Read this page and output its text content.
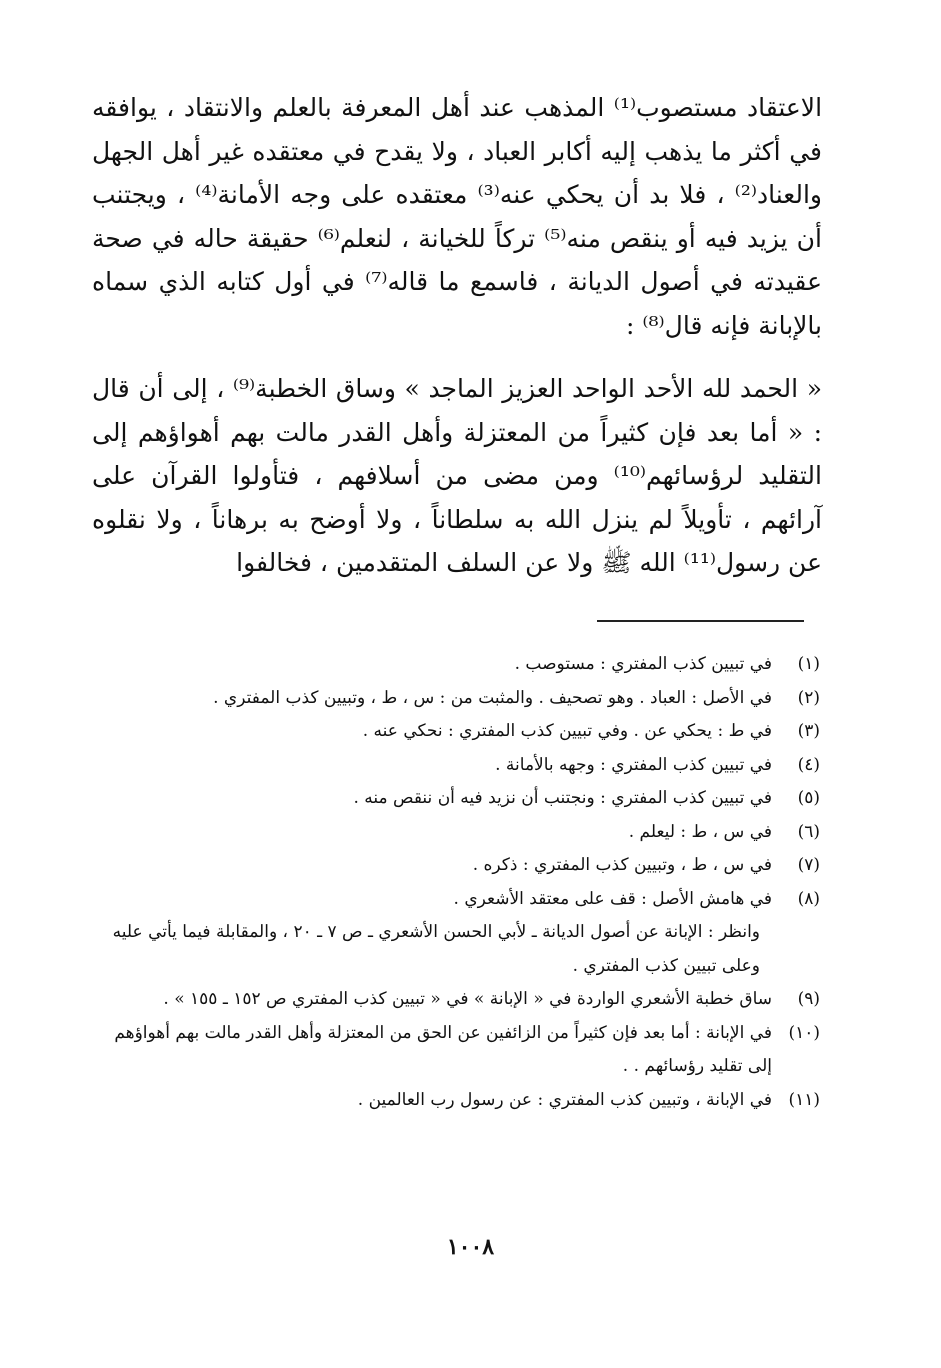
الاعتقاد مستصوب⁽¹⁾ المذهب عند أهل المعرفة بالعلم والانتقاد ، يوافقه في أكثر ما يذهب إليه أكابر العباد ، ولا يقدح في معتقده غير أهل الجهل والعناد⁽²⁾ ، فلا بد أن يحكي عنه⁽³⁾ معتقده على وجه الأمانة⁽⁴⁾ ، ويجتنب أن يزيد فيه أو ينقص منه⁽⁵⁾ تركاً للخيانة ، لنعلم⁽⁶⁾ حقيقة حاله في صحة عقيدته في أصول الديانة ، فاسمع ما قاله⁽⁷⁾ في أول كتابه الذي سماه بالإبانة فإنه قال⁽⁸⁾ :

« الحمد لله الأحد الواحد العزيز الماجد » وساق الخطبة⁽⁹⁾ ، إلى أن قال : « أما بعد فإن كثيراً من المعتزلة وأهل القدر مالت بهم أهواؤهم إلى التقليد لرؤسائهم⁽¹⁰⁾ ومن مضى من أسلافهم ، فتأولوا القرآن على آرائهم ، تأويلاً لم ينزل الله به سلطاناً ، ولا أوضح به برهاناً ، ولا نقلوه عن رسول⁽¹¹⁾ الله ﷺ ولا عن السلف المتقدمين ، فخالفوا

(١)
في تبيين كذب المفتري : مستوصب .
(٢)
في الأصل : العباد . وهو تصحيف . والمثبت من : س ، ط ، وتبيين كذب المفتري .
(٣)
في ط : يحكي عن . وفي تبيين كذب المفتري : نحكي عنه .
(٤)
في تبيين كذب المفتري : وجهه بالأمانة .
(٥)
في تبيين كذب المفتري : ونجتنب أن نزيد فيه أن ننقص منه .
(٦)
في س ، ط : ليعلم .
(٧)
في س ، ط ، وتبيين كذب المفتري : ذكره .
(٨)
في هامش الأصل : قف على معتقد الأشعري .
وانظر : الإبانة عن أصول الديانة ـ لأبي الحسن الأشعري ـ ص ٧ ـ ٢٠ ، والمقابلة فيما يأتي عليه وعلى تبيين كذب المفتري .
(٩)
ساق خطبة الأشعري الواردة في « الإبانة » في « تبيين كذب المفتري ص ١٥٢ ـ ١٥٥ » .
(١٠)
في الإبانة : أما بعد فإن كثيراً من الزائفين عن الحق من المعتزلة وأهل القدر مالت بهم أهواؤهم إلى تقليد رؤسائهم . .
(١١)
في الإبانة ، وتبيين كذب المفتري : عن رسول رب العالمين .
١٠٠٨
